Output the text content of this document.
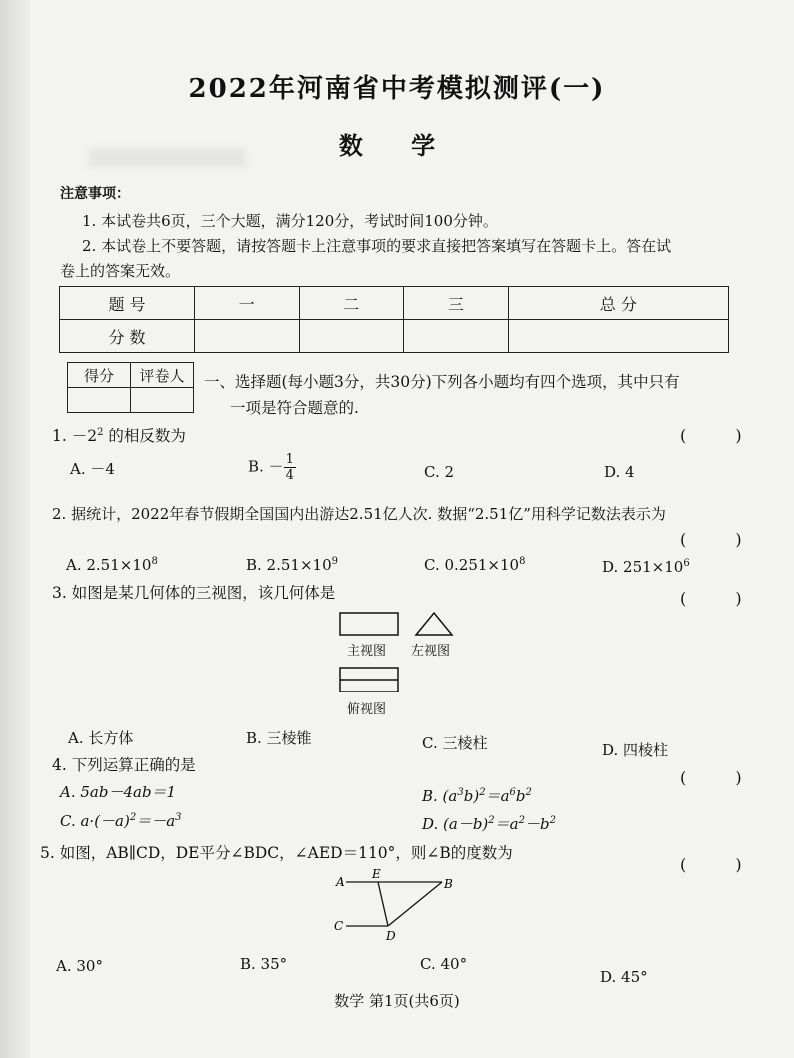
2022年河南省中考模拟测评(一)
数 学
注意事项：
1. 本试卷共6页，三个大题，满分120分，考试时间100分钟。
2. 本试卷上不要答题，请按答题卡上注意事项的要求直接把答案填写在答题卡上。答在试
卷上的答案无效。
题 号	一	二	三	总 分
分 数				
得分	评卷人
	一、选择题(每小题3分，共30分)下列各小题均有四个选项，其中只有
一项是符合题意的.
1. $-2^2$ 的相反数为	( )
A. －4	B. － $\frac{1}{4}$	C. 2	D. 4
2. 据统计，2022年春节假期全国国内出游达2.51亿人次. 数据“2.51亿”用科学记数法表示为
( )
A. $2.51\times 10^8$	B. $2.51\times 10^9$	C. $0.251\times 10^8$	D. $251\times 10^6$
3. 如图是某几何体的三视图，该几何体是	( )
主视图 左视图
俯视图
A. 长方体	B. 三棱锥	C. 三棱柱	D. 四棱柱
4. 下列运算正确的是
( )
A. 5ab－4ab＝1	B. $(a^3b)^2=a^6b^2$
C. $a\cdot(-a)^2=-a^3$	D. $(a-b)^2=a^2-b^2$
5. 如图，AB∥CD，DE平分∠BDC，∠AED＝110°，则∠B的度数为
( )
A
E
B
C
D
A. 30°	B. 35°	C. 40°
D. 45°
数学 第1页(共6页)
